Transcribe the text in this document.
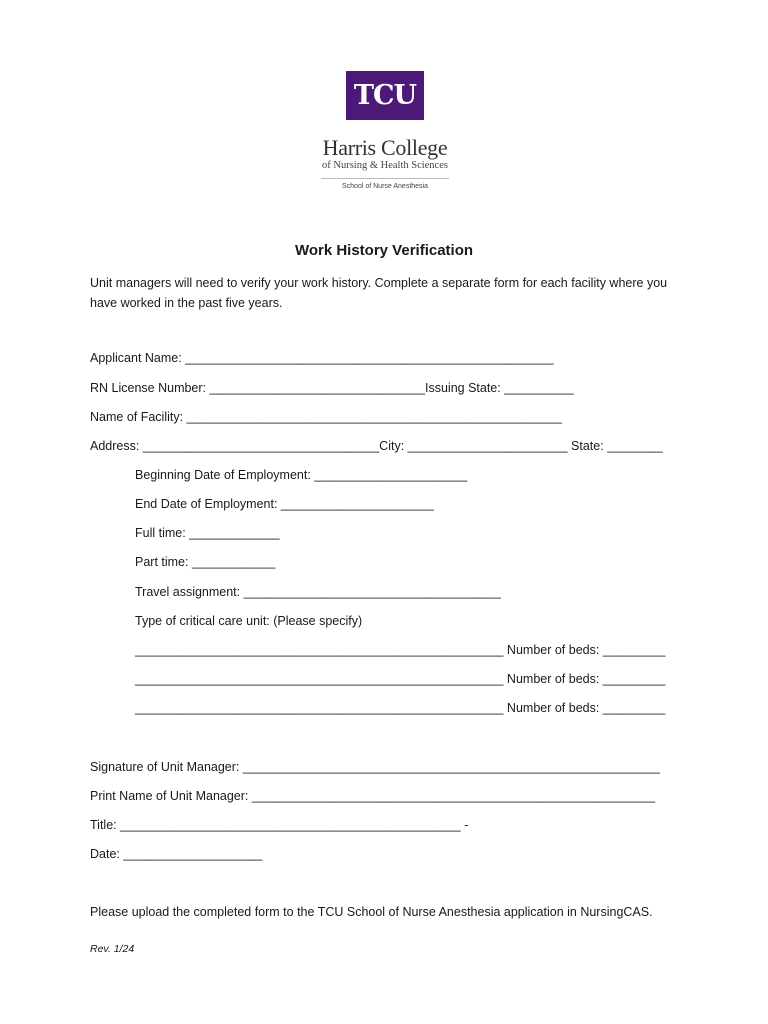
TCU
Harris College
of Nursing & Health Sciences
School of Nurse Anesthesia
Work History Verification
Unit managers will need to verify your work history. Complete a separate form for each facility where you have worked in the past five years.
Applicant Name: _____________________________________________________
RN License Number: _______________________________Issuing State: __________
Name of Facility: ______________________________________________________
Address: __________________________________City: _______________________ State: ________
Beginning Date of Employment: ______________________
End Date of Employment: ______________________
Full time: _____________
Part time: ____________
Travel assignment: _____________________________________
Type of critical care unit: (Please specify)
_____________________________________________________ Number of beds: _________
_____________________________________________________ Number of beds: _________
_____________________________________________________ Number of beds: _________
Signature of Unit Manager: ____________________________________________________________
Print Name of Unit Manager: __________________________________________________________
Title: _________________________________________________ -
Date: ____________________
Please upload the completed form to the TCU School of Nurse Anesthesia application in NursingCAS.
Rev. 1/24
